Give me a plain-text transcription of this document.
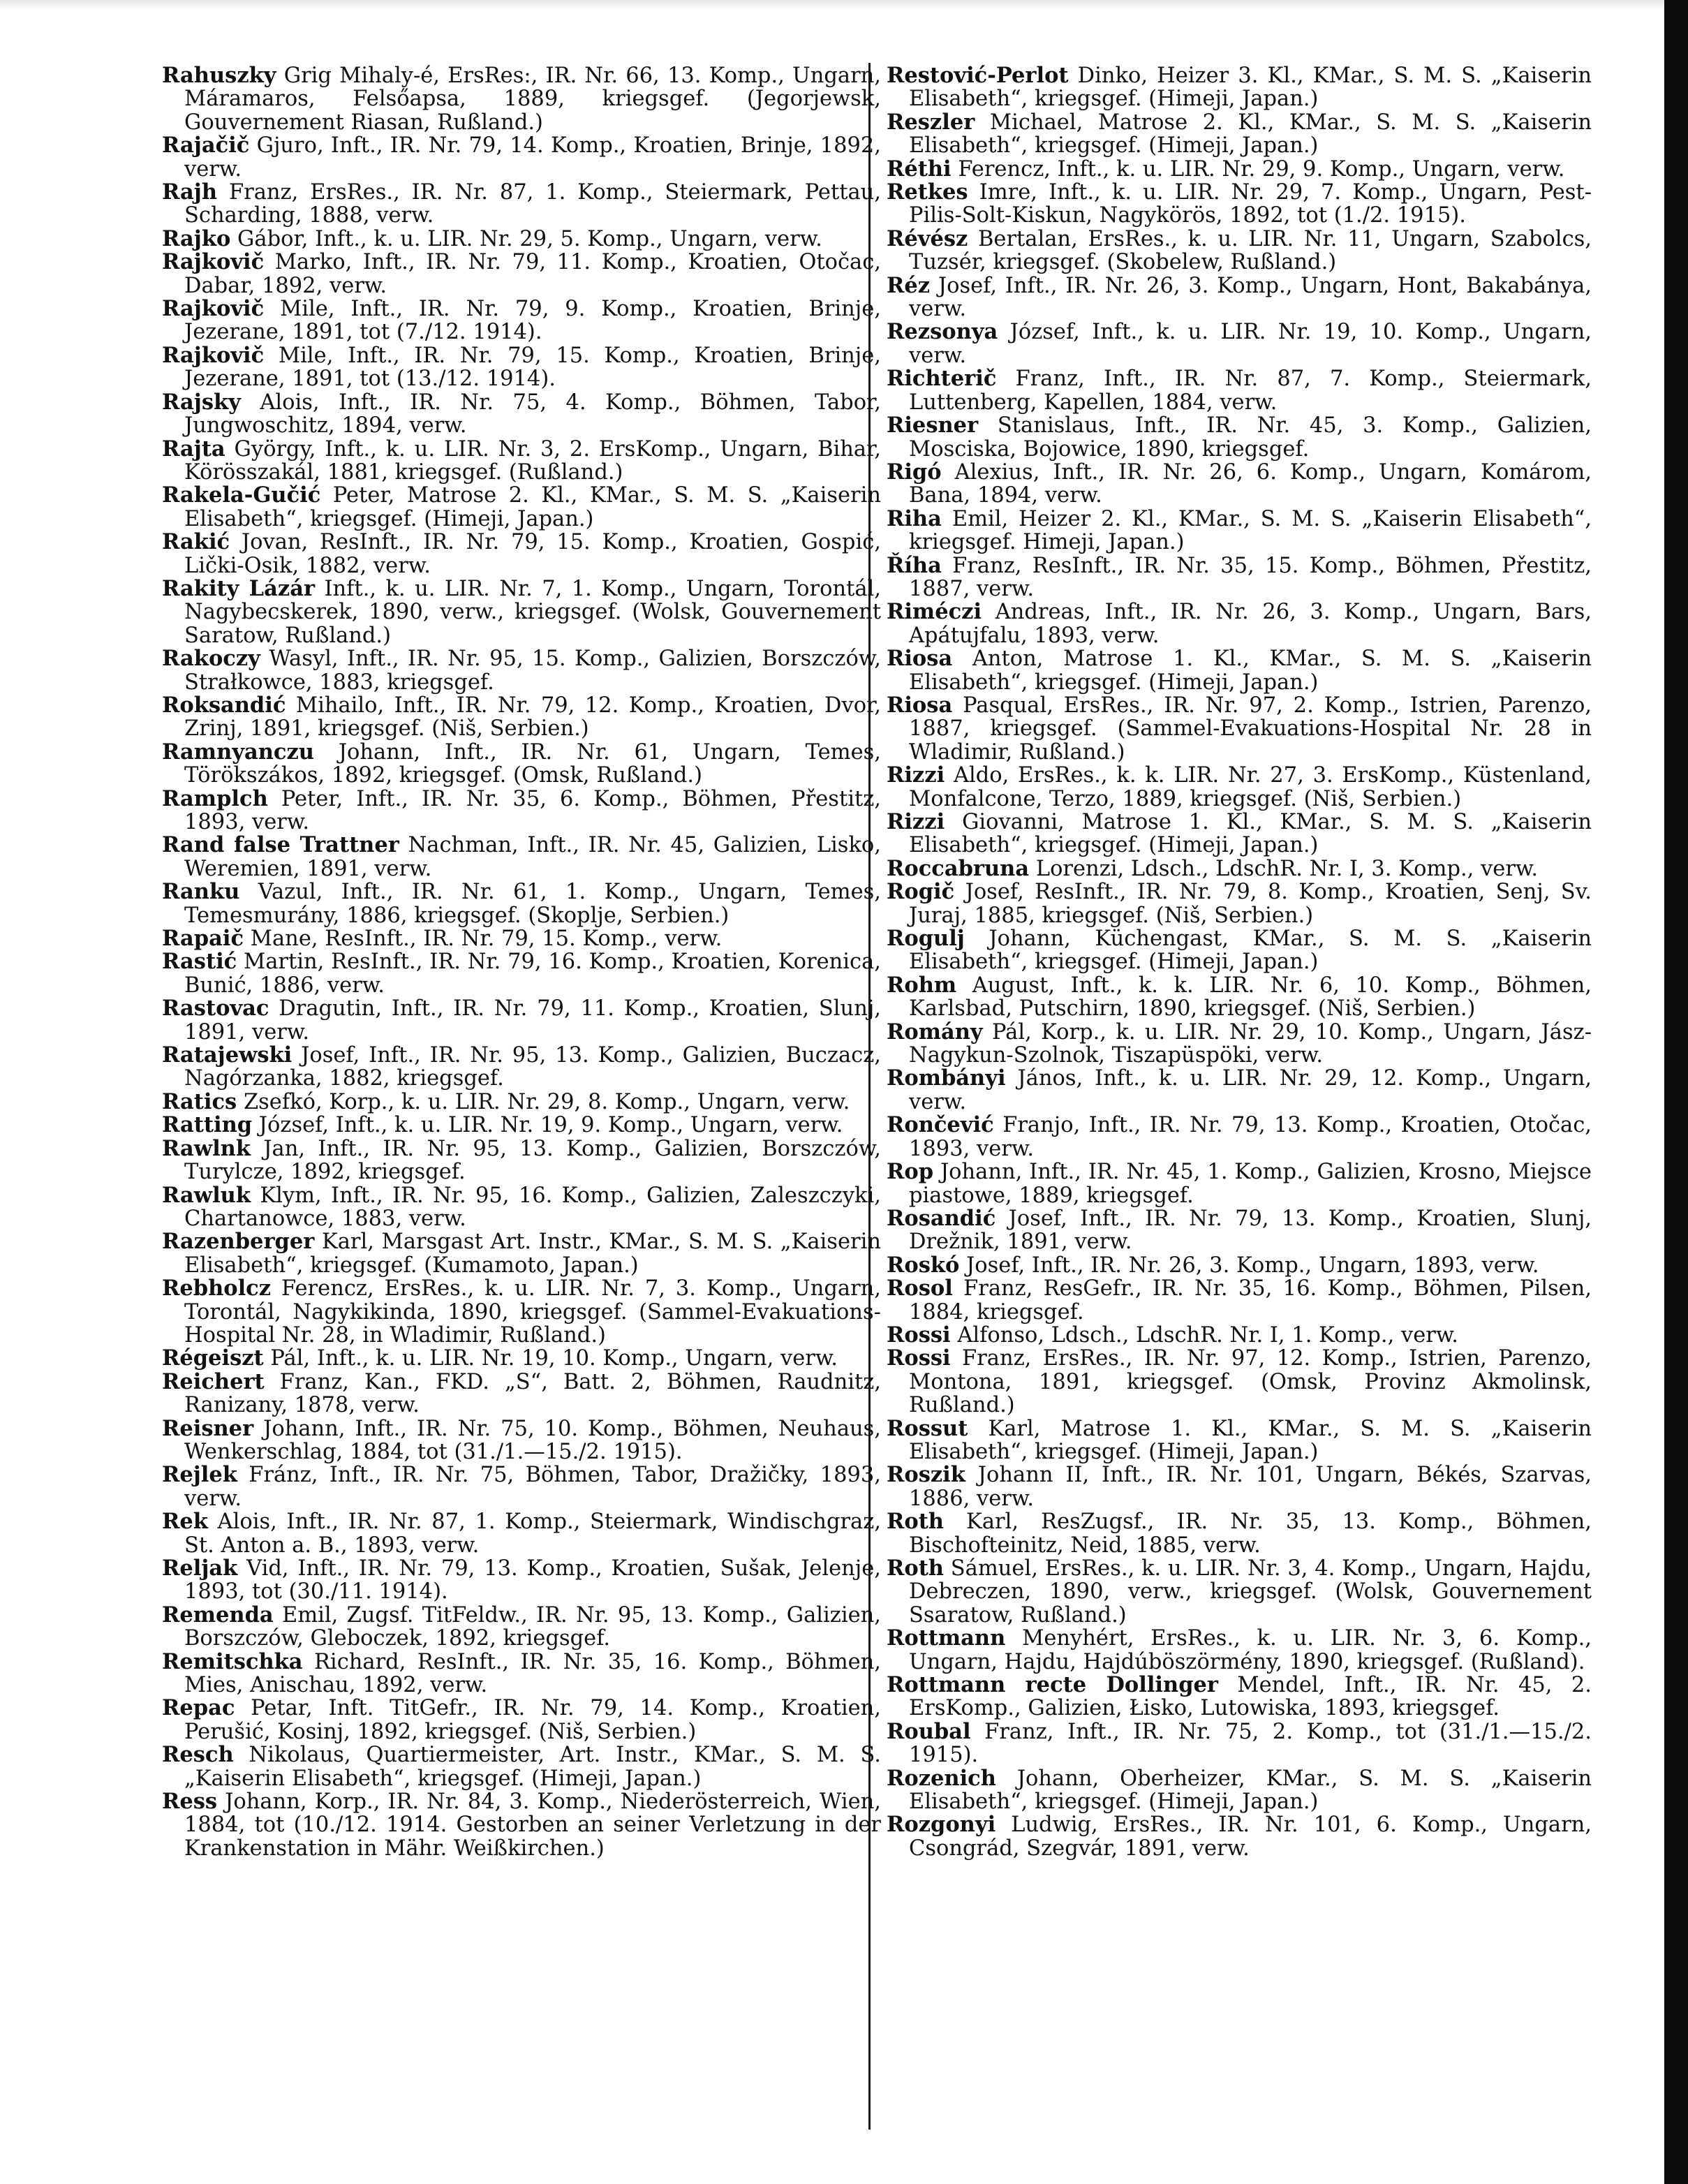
Rahuszky Grig Mihaly-é, ErsRes:, IR. Nr. 66, 13. Komp., Ungarn, Máramaros, Felsőapsa, 1889, kriegsgef. (Jegorjewsk, Gouvernement Riasan, Rußland.)

Rajačič Gjuro, Inft., IR. Nr. 79, 14. Komp., Kroatien, Brinje, 1892, verw.

Rajh Franz, ErsRes., IR. Nr. 87, 1. Komp., Steiermark, Pettau, Scharding, 1888, verw.

Rajko Gábor, Inft., k. u. LIR. Nr. 29, 5. Komp., Ungarn, verw.

Rajkovič Marko, Inft., IR. Nr. 79, 11. Komp., Kroatien, Otočac, Dabar, 1892, verw.

Rajkovič Mile, Inft., IR. Nr. 79, 9. Komp., Kroatien, Brinje, Jezerane, 1891, tot (7./12. 1914).

Rajkovič Mile, Inft., IR. Nr. 79, 15. Komp., Kroatien, Brinje, Jezerane, 1891, tot (13./12. 1914).

Rajsky Alois, Inft., IR. Nr. 75, 4. Komp., Böhmen, Tabor, Jungwoschitz, 1894, verw.

Rajta György, Inft., k. u. LIR. Nr. 3, 2. ErsKomp., Ungarn, Bihar, Körösszakál, 1881, kriegsgef. (Rußland.)

Rakela-Gučić Peter, Matrose 2. Kl., KMar., S. M. S. „Kaiserin Elisabeth“, kriegsgef. (Himeji, Japan.)

Rakić Jovan, ResInft., IR. Nr. 79, 15. Komp., Kroatien, Gospić, Lički-Osik, 1882, verw.

Rakity Lázár Inft., k. u. LIR. Nr. 7, 1. Komp., Ungarn, Torontál, Nagybecskerek, 1890, verw., kriegsgef. (Wolsk, Gouvernement Saratow, Rußland.)

Rakoczy Wasyl, Inft., IR. Nr. 95, 15. Komp., Galizien, Borszczów, Strałkowce, 1883, kriegsgef.

Roksandić Mihailo, Inft., IR. Nr. 79, 12. Komp., Kroatien, Dvor, Zrinj, 1891, kriegsgef. (Niš, Serbien.)

Ramnyanczu Johann, Inft., IR. Nr. 61, Ungarn, Temes, Törökszákos, 1892, kriegsgef. (Omsk, Rußland.)

Ramplch Peter, Inft., IR. Nr. 35, 6. Komp., Böhmen, Přestitz, 1893, verw.

Rand false Trattner Nachman, Inft., IR. Nr. 45, Galizien, Lisko, Weremien, 1891, verw.

Ranku Vazul, Inft., IR. Nr. 61, 1. Komp., Ungarn, Temes, Temesmurány, 1886, kriegsgef. (Skoplje, Serbien.)

Rapaič Mane, ResInft., IR. Nr. 79, 15. Komp., verw.

Rastić Martin, ResInft., IR. Nr. 79, 16. Komp., Kroatien, Korenica, Bunić, 1886, verw.

Rastovac Dragutin, Inft., IR. Nr. 79, 11. Komp., Kroatien, Slunj, 1891, verw.

Ratajewski Josef, Inft., IR. Nr. 95, 13. Komp., Galizien, Buczacz, Nagórzanka, 1882, kriegsgef.

Ratics Zsefkó, Korp., k. u. LIR. Nr. 29, 8. Komp., Ungarn, verw.

Ratting József, Inft., k. u. LIR. Nr. 19, 9. Komp., Ungarn, verw.

Rawlnk Jan, Inft., IR. Nr. 95, 13. Komp., Galizien, Borszczów, Turylcze, 1892, kriegsgef.

Rawluk Klym, Inft., IR. Nr. 95, 16. Komp., Galizien, Zaleszczyki, Chartanowce, 1883, verw.

Razenberger Karl, Marsgast Art. Instr., KMar., S. M. S. „Kaiserin Elisabeth“, kriegsgef. (Kumamoto, Japan.)

Rebholcz Ferencz, ErsRes., k. u. LIR. Nr. 7, 3. Komp., Ungarn, Torontál, Nagykikinda, 1890, kriegsgef. (Sammel-Evakuations-Hospital Nr. 28, in Wladimir, Rußland.)

Régeiszt Pál, Inft., k. u. LIR. Nr. 19, 10. Komp., Ungarn, verw.

Reichert Franz, Kan., FKD. „S“, Batt. 2, Böhmen, Raudnitz, Ranizany, 1878, verw.

Reisner Johann, Inft., IR. Nr. 75, 10. Komp., Böhmen, Neuhaus, Wenkerschlag, 1884, tot (31./1.—15./2. 1915).

Rejlek Fránz, Inft., IR. Nr. 75, Böhmen, Tabor, Dražičky, 1893, verw.

Rek Alois, Inft., IR. Nr. 87, 1. Komp., Steiermark, Windischgraz, St. Anton a. B., 1893, verw.

Reljak Vid, Inft., IR. Nr. 79, 13. Komp., Kroatien, Sušak, Jelenje, 1893, tot (30./11. 1914).

Remenda Emil, Zugsf. TitFeldw., IR. Nr. 95, 13. Komp., Galizien, Borszczów, Gleboczek, 1892, kriegsgef.

Remitschka Richard, ResInft., IR. Nr. 35, 16. Komp., Böhmen, Mies, Anischau, 1892, verw.

Repac Petar, Inft. TitGefr., IR. Nr. 79, 14. Komp., Kroatien, Perušić, Kosinj, 1892, kriegsgef. (Niš, Serbien.)

Resch Nikolaus, Quartiermeister, Art. Instr., KMar., S. M. S. „Kaiserin Elisabeth“, kriegsgef. (Himeji, Japan.)

Ress Johann, Korp., IR. Nr. 84, 3. Komp., Niederösterreich, Wien, 1884, tot (10./12. 1914. Gestorben an seiner Verletzung in der Krankenstation in Mähr. Weißkirchen.)

Restović-Perlot Dinko, Heizer 3. Kl., KMar., S. M. S. „Kaiserin Elisabeth“, kriegsgef. (Himeji, Japan.)

Reszler Michael, Matrose 2. Kl., KMar., S. M. S. „Kaiserin Elisabeth“, kriegsgef. (Himeji, Japan.)

Réthi Ferencz, Inft., k. u. LIR. Nr. 29, 9. Komp., Ungarn, verw.

Retkes Imre, Inft., k. u. LIR. Nr. 29, 7. Komp., Ungarn, Pest-Pilis-Solt-Kiskun, Nagykörös, 1892, tot (1./2. 1915).

Révész Bertalan, ErsRes., k. u. LIR. Nr. 11, Ungarn, Szabolcs, Tuzsér, kriegsgef. (Skobelew, Rußland.)

Réz Josef, Inft., IR. Nr. 26, 3. Komp., Ungarn, Hont, Bakabánya, verw.

Rezsonya József, Inft., k. u. LIR. Nr. 19, 10. Komp., Ungarn, verw.

Richterič Franz, Inft., IR. Nr. 87, 7. Komp., Steiermark, Luttenberg, Kapellen, 1884, verw.

Riesner Stanislaus, Inft., IR. Nr. 45, 3. Komp., Galizien, Mosciska, Bojowice, 1890, kriegsgef.

Rigó Alexius, Inft., IR. Nr. 26, 6. Komp., Ungarn, Komárom, Bana, 1894, verw.

Riha Emil, Heizer 2. Kl., KMar., S. M. S. „Kaiserin Elisabeth“, kriegsgef. Himeji, Japan.)

Říha Franz, ResInft., IR. Nr. 35, 15. Komp., Böhmen, Přestitz, 1887, verw.

Riméczi Andreas, Inft., IR. Nr. 26, 3. Komp., Ungarn, Bars, Apátujfalu, 1893, verw.

Riosa Anton, Matrose 1. Kl., KMar., S. M. S. „Kaiserin Elisabeth“, kriegsgef. (Himeji, Japan.)

Riosa Pasqual, ErsRes., IR. Nr. 97, 2. Komp., Istrien, Parenzo, 1887, kriegsgef. (Sammel-Evakuations-Hospital Nr. 28 in Wladimir, Rußland.)

Rizzi Aldo, ErsRes., k. k. LIR. Nr. 27, 3. ErsKomp., Küstenland, Monfalcone, Terzo, 1889, kriegsgef. (Niš, Serbien.)

Rizzi Giovanni, Matrose 1. Kl., KMar., S. M. S. „Kaiserin Elisabeth“, kriegsgef. (Himeji, Japan.)

Roccabruna Lorenzi, Ldsch., LdschR. Nr. I, 3. Komp., verw.

Rogič Josef, ResInft., IR. Nr. 79, 8. Komp., Kroatien, Senj, Sv. Juraj, 1885, kriegsgef. (Niš, Serbien.)

Rogulj Johann, Küchengast, KMar., S. M. S. „Kaiserin Elisabeth“, kriegsgef. (Himeji, Japan.)

Rohm August, Inft., k. k. LIR. Nr. 6, 10. Komp., Böhmen, Karlsbad, Putschirn, 1890, kriegsgef. (Niš, Serbien.)

Romány Pál, Korp., k. u. LIR. Nr. 29, 10. Komp., Ungarn, Jász-Nagykun-Szolnok, Tiszapüspöki, verw.

Rombányi János, Inft., k. u. LIR. Nr. 29, 12. Komp., Ungarn, verw.

Rončević Franjo, Inft., IR. Nr. 79, 13. Komp., Kroatien, Otočac, 1893, verw.

Rop Johann, Inft., IR. Nr. 45, 1. Komp., Galizien, Krosno, Miejsce piastowe, 1889, kriegsgef.

Rosandić Josef, Inft., IR. Nr. 79, 13. Komp., Kroatien, Slunj, Drežnik, 1891, verw.

Roskó Josef, Inft., IR. Nr. 26, 3. Komp., Ungarn, 1893, verw.

Rosol Franz, ResGefr., IR. Nr. 35, 16. Komp., Böhmen, Pilsen, 1884, kriegsgef.

Rossi Alfonso, Ldsch., LdschR. Nr. I, 1. Komp., verw.

Rossi Franz, ErsRes., IR. Nr. 97, 12. Komp., Istrien, Parenzo, Montona, 1891, kriegsgef. (Omsk, Provinz Akmolinsk, Rußland.)

Rossut Karl, Matrose 1. Kl., KMar., S. M. S. „Kaiserin Elisabeth“, kriegsgef. (Himeji, Japan.)

Roszik Johann II, Inft., IR. Nr. 101, Ungarn, Békés, Szarvas, 1886, verw.

Roth Karl, ResZugsf., IR. Nr. 35, 13. Komp., Böhmen, Bischofteinitz, Neid, 1885, verw.

Roth Sámuel, ErsRes., k. u. LIR. Nr. 3, 4. Komp., Ungarn, Hajdu, Debreczen, 1890, verw., kriegsgef. (Wolsk, Gouvernement Ssaratow, Rußland.)

Rottmann Menyhért, ErsRes., k. u. LIR. Nr. 3, 6. Komp., Ungarn, Hajdu, Hajdúböszörmény, 1890, kriegsgef. (Rußland).

Rottmann recte Dollinger Mendel, Inft., IR. Nr. 45, 2. ErsKomp., Galizien, Łisko, Lutowiska, 1893, kriegsgef.

Roubal Franz, Inft., IR. Nr. 75, 2. Komp., tot (31./1.—15./2. 1915).

Rozenich Johann, Oberheizer, KMar., S. M. S. „Kaiserin Elisabeth“, kriegsgef. (Himeji, Japan.)

Rozgonyi Ludwig, ErsRes., IR. Nr. 101, 6. Komp., Ungarn, Csongrád, Szegvár, 1891, verw.
